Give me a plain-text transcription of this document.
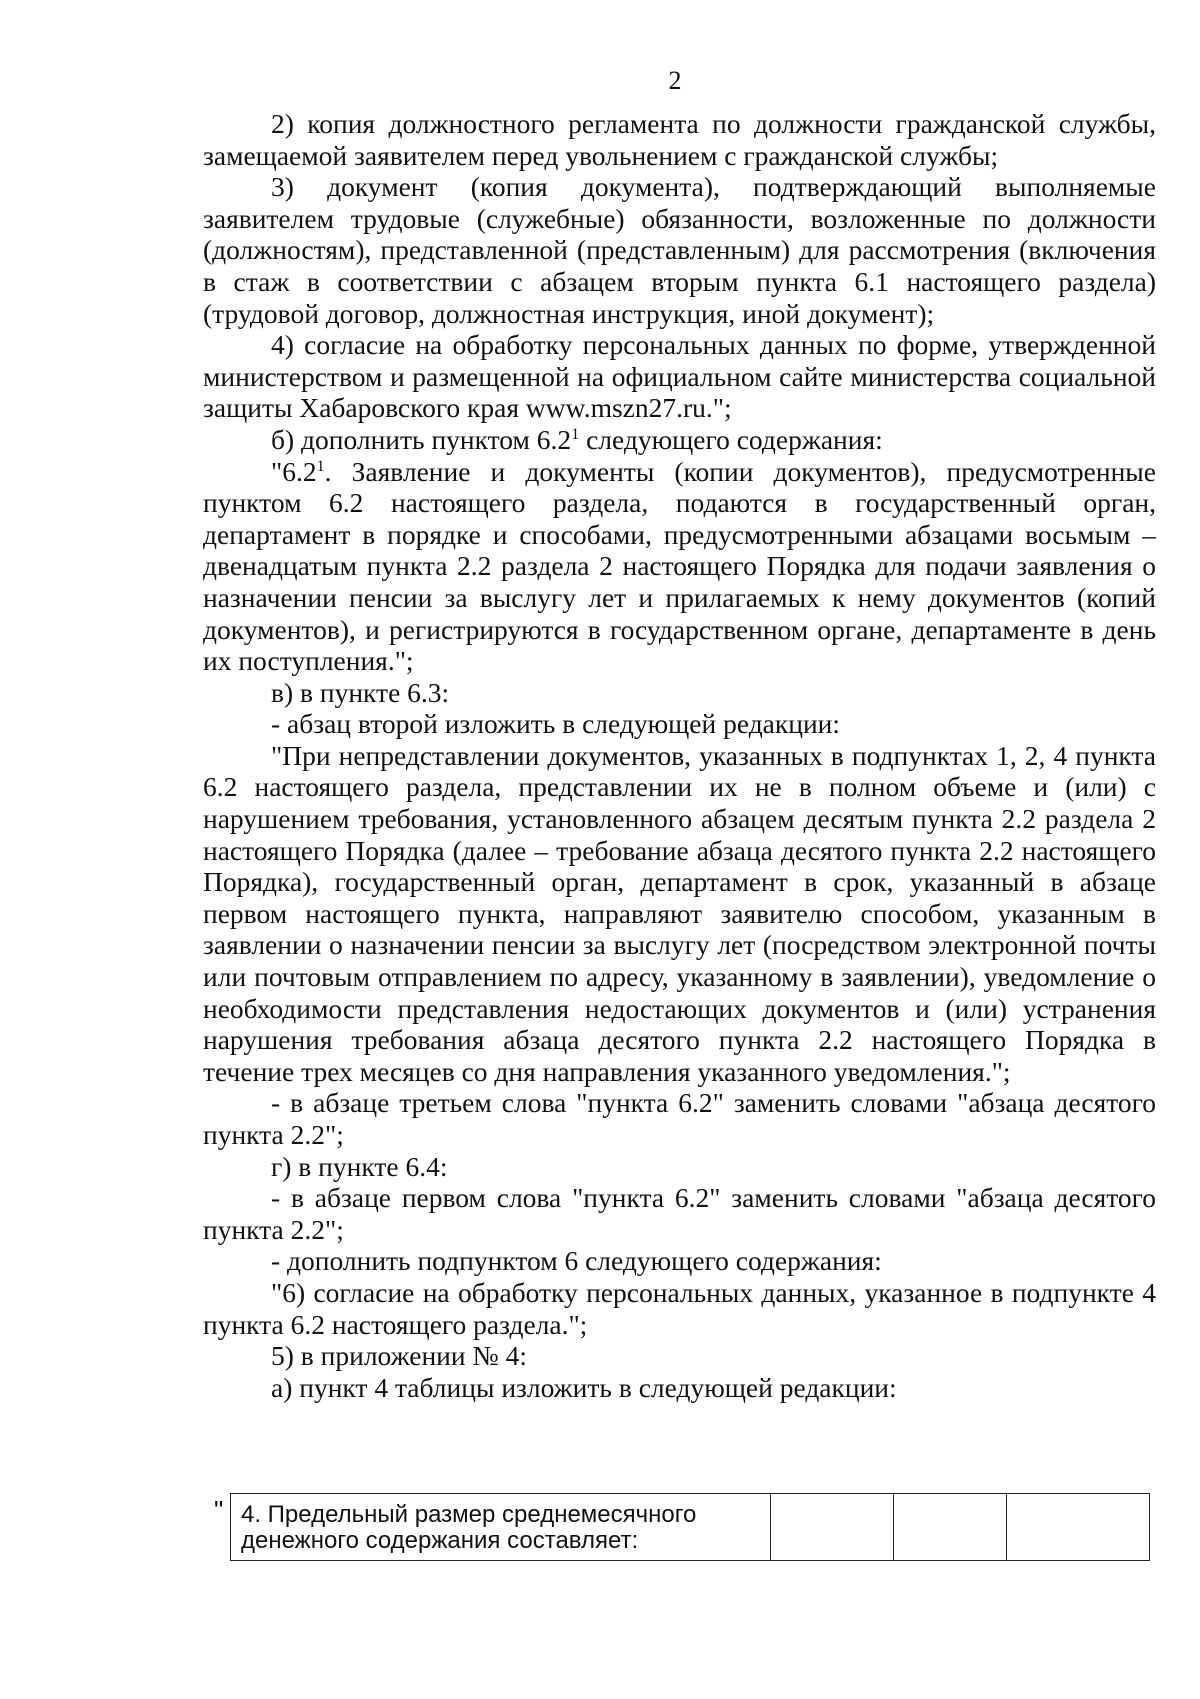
2

2) копия должностного регламента по должности гражданской службы, замещаемой заявителем перед увольнением с гражданской службы;

3) документ (копия документа), подтверждающий выполняемые заявителем трудовые (служебные) обязанности, возложенные по должности (должностям), представленной (представленным) для рассмотрения (включения в стаж в соответствии с абзацем вторым пункта 6.1 настоящего раздела) (трудовой договор, должностная инструкция, иной документ);

4) согласие на обработку персональных данных по форме, утвержденной министерством и размещенной на официальном сайте министерства социальной защиты Хабаровского края www.mszn27.ru.";

б) дополнить пунктом $6.2^1$ следующего содержания:

"$6.2^1$. Заявление и документы (копии документов), предусмотренные пунктом 6.2 настоящего раздела, подаются в государственный орган, департамент в порядке и способами, предусмотренными абзацами восьмым – двенадцатым пункта 2.2 раздела 2 настоящего Порядка для подачи заявления о назначении пенсии за выслугу лет и прилагаемых к нему документов (копий документов), и регистрируются в государственном органе, департаменте в день их поступления.";

в) в пункте 6.3:

- абзац второй изложить в следующей редакции:

"При непредставлении документов, указанных в подпунктах 1, 2, 4 пункта 6.2 настоящего раздела, представлении их не в полном объеме и (или) с нарушением требования, установленного абзацем десятым пункта 2.2 раздела 2 настоящего Порядка (далее – требование абзаца десятого пункта 2.2 настоящего Порядка), государственный орган, департамент в срок, указанный в абзаце первом настоящего пункта, направляют заявителю способом, указанным в заявлении о назначении пенсии за выслугу лет (посредством электронной почты или почтовым отправлением по адресу, указанному в заявлении), уведомление о необходимости представления недостающих документов и (или) устранения нарушения требования абзаца десятого пункта 2.2 настоящего Порядка в течение трех месяцев со дня направления указанного уведомления.";

- в абзаце третьем слова "пункта 6.2" заменить словами "абзаца десятого пункта 2.2";

г) в пункте 6.4:

- в абзаце первом слова "пункта 6.2" заменить словами "абзаца десятого пункта 2.2";

- дополнить подпунктом 6 следующего содержания:

"6) согласие на обработку персональных данных, указанное в подпункте 4 пункта 6.2 настоящего раздела.";

5) в приложении № 4:

а) пункт 4 таблицы изложить в следующей редакции:

" 4. Предельный размер среднемесячного денежного содержания составляет:			
